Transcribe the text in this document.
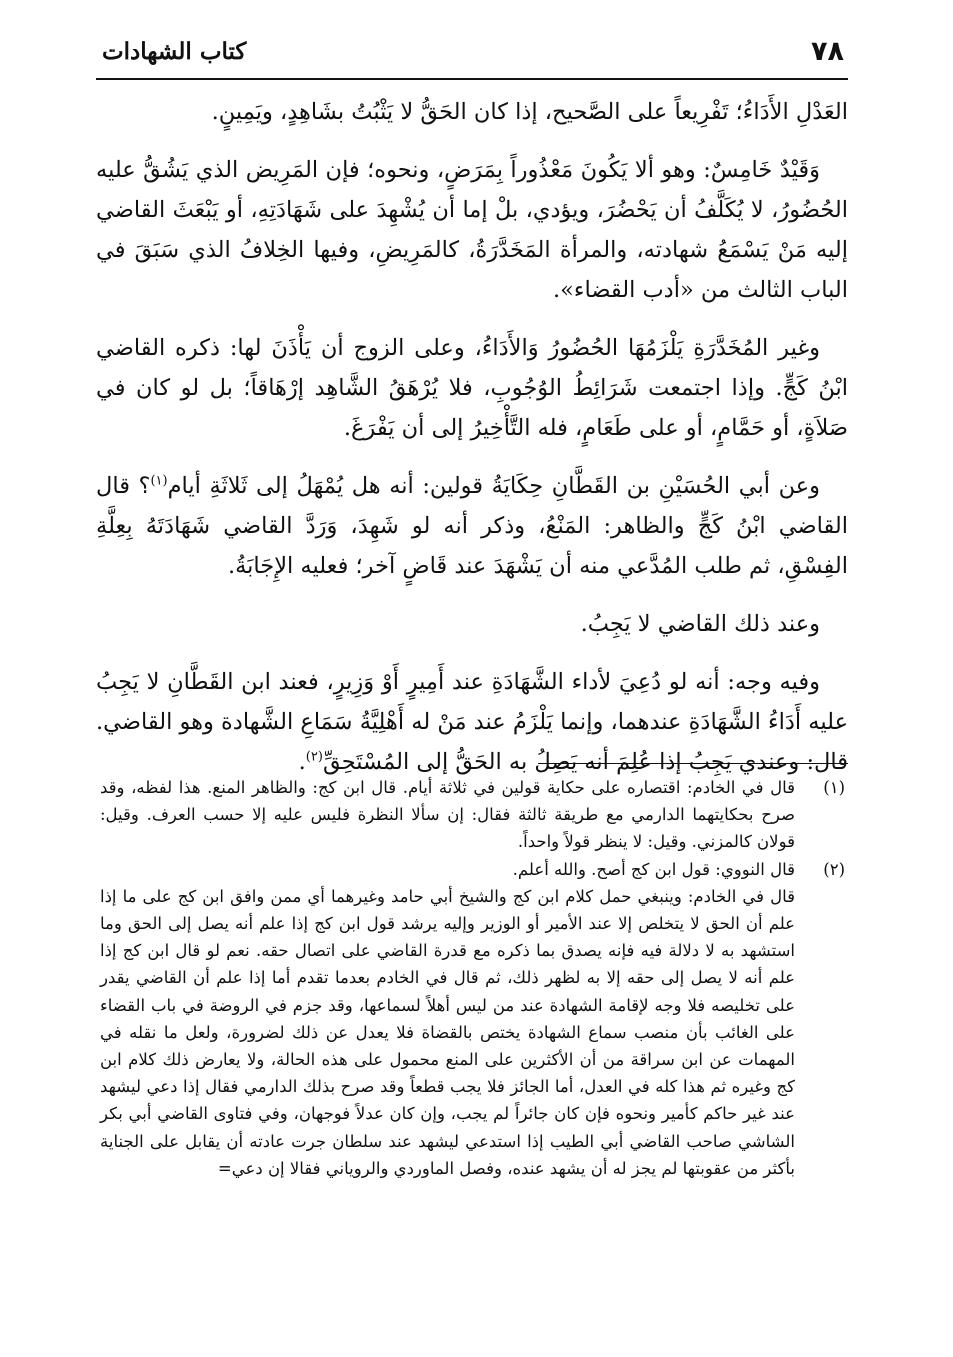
٧٨
كتاب الشهادات

العَدْلِ الأَدَاءُ؛ تَفْرِيعاً على الصَّحيح، إذا كان الحَقُّ لا يَثْبُتُ بشَاهِدٍ، ويَمِينٍ.

وَقَيْدٌ خَامِسٌ: وهو ألا يَكُونَ مَعْذُوراً بِمَرَضٍ، ونحوه؛ فإن المَرِيض الذي يَشُقُّ عليه الحُضُورُ، لا يُكَلَّفُ أن يَحْضُرَ، ويؤدي، بلْ إما أن يُشْهِدَ على شَهَادَتِهِ، أو يَبْعَثَ القاضي إليه مَنْ يَسْمَعُ شهادته، والمرأة المَخَدَّرَةُ، كالمَرِيضِ، وفيها الخِلافُ الذي سَبَقَ في الباب الثالث من «أدب القضاء».

وغير المُخَدَّرَةِ يَلْزَمُهَا الحُضُورُ وَالأَدَاءُ، وعلى الزوج أن يَأْذَنَ لها: ذكره القاضي ابْنُ كَجٍّ. وإذا اجتمعت شَرَائِطُ الوُجُوبِ، فلا يُرْهَقُ الشَّاهِد إرْهَاقاً؛ بل لو كان في صَلاَةٍ، أو حَمَّامٍ، أو على طَعَامٍ، فله التَّأْخِيرُ إلى أن يَفْرَغَ.

وعن أبي الحُسَيْنِ بن القَطَّانِ حِكَايَةُ قولين: أنه هل يُمْهَلُ إلى ثَلاثَةِ أيام$^{(١)}$؟ قال القاضي ابْنُ كَجٍّ والظاهر: المَنْعُ، وذكر أنه لو شَهِدَ، وَرَدَّ القاضي شَهَادَتَهُ بِعِلَّةِ الفِسْقِ، ثم طلب المُدَّعي منه أن يَشْهَدَ عند قَاضٍ آخر؛ فعليه الإِجَابَةُ.

وعند ذلك القاضي لا يَجِبُ.

وفيه وجه: أنه لو دُعِيَ لأداء الشَّهَادَةِ عند أَمِيرٍ أَوْ وَزِيرٍ، فعند ابن القَطَّانِ لا يَجِبُ عليه أَدَاءُ الشَّهَادَةِ عندهما، وإنما يَلْزَمُ عند مَنْ له أَهْلِيَّةُ سَمَاعِ الشَّهادة وهو القاضي. قال: وعندي يَجِبُ إذا عُلِمَ أنه يَصِلُ به الحَقُّ إلى المُسْتَحِقِّ$^{(٢)}$.

(١)

قال في الخادم: اقتصاره على حكاية قولين في ثلاثة أيام. قال ابن كج: والظاهر المنع. هذا لفظه، وقد صرح بحكايتهما الدارمي مع طريقة ثالثة فقال: إن سألا النظرة فليس عليه إلا حسب العرف. وقيل: قولان كالمزني. وقيل: لا ينظر قولاً واحداً.

(٢)

قال النووي: قول ابن كج أصح. والله أعلم.

قال في الخادم: وينبغي حمل كلام ابن كج والشيخ أبي حامد وغيرهما أي ممن وافق ابن كج على ما إذا علم أن الحق لا يتخلص إلا عند الأمير أو الوزير وإليه يرشد قول ابن كج إذا علم أنه يصل إلى الحق وما استشهد به لا دلالة فيه فإنه يصدق بما ذكره مع قدرة القاضي على اتصال حقه. نعم لو قال ابن كج إذا علم أنه لا يصل إلى حقه إلا به لظهر ذلك، ثم قال في الخادم بعدما تقدم أما إذا علم أن القاضي يقدر على تخليصه فلا وجه لإقامة الشهادة عند من ليس أهلاً لسماعها، وقد جزم في الروضة في باب القضاء على الغائب بأن منصب سماع الشهادة يختص بالقضاة فلا يعدل عن ذلك لضرورة، ولعل ما نقله في المهمات عن ابن سراقة من أن الأكثرين على المنع محمول على هذه الحالة، ولا يعارض ذلك كلام ابن كج وغيره ثم هذا كله في العدل، أما الجائز فلا يجب قطعاً وقد صرح بذلك الدارمي فقال إذا دعي ليشهد عند غير حاكم كأمير ونحوه فإن كان جائراً لم يجب، وإن كان عدلاً فوجهان، وفي فتاوى القاضي أبي بكر الشاشي صاحب القاضي أبي الطيب إذا استدعي ليشهد عند سلطان جرت عادته أن يقابل على الجناية بأكثر من عقوبتها لم يجز له أن يشهد عنده، وفصل الماوردي والروياني فقالا إن دعي=
